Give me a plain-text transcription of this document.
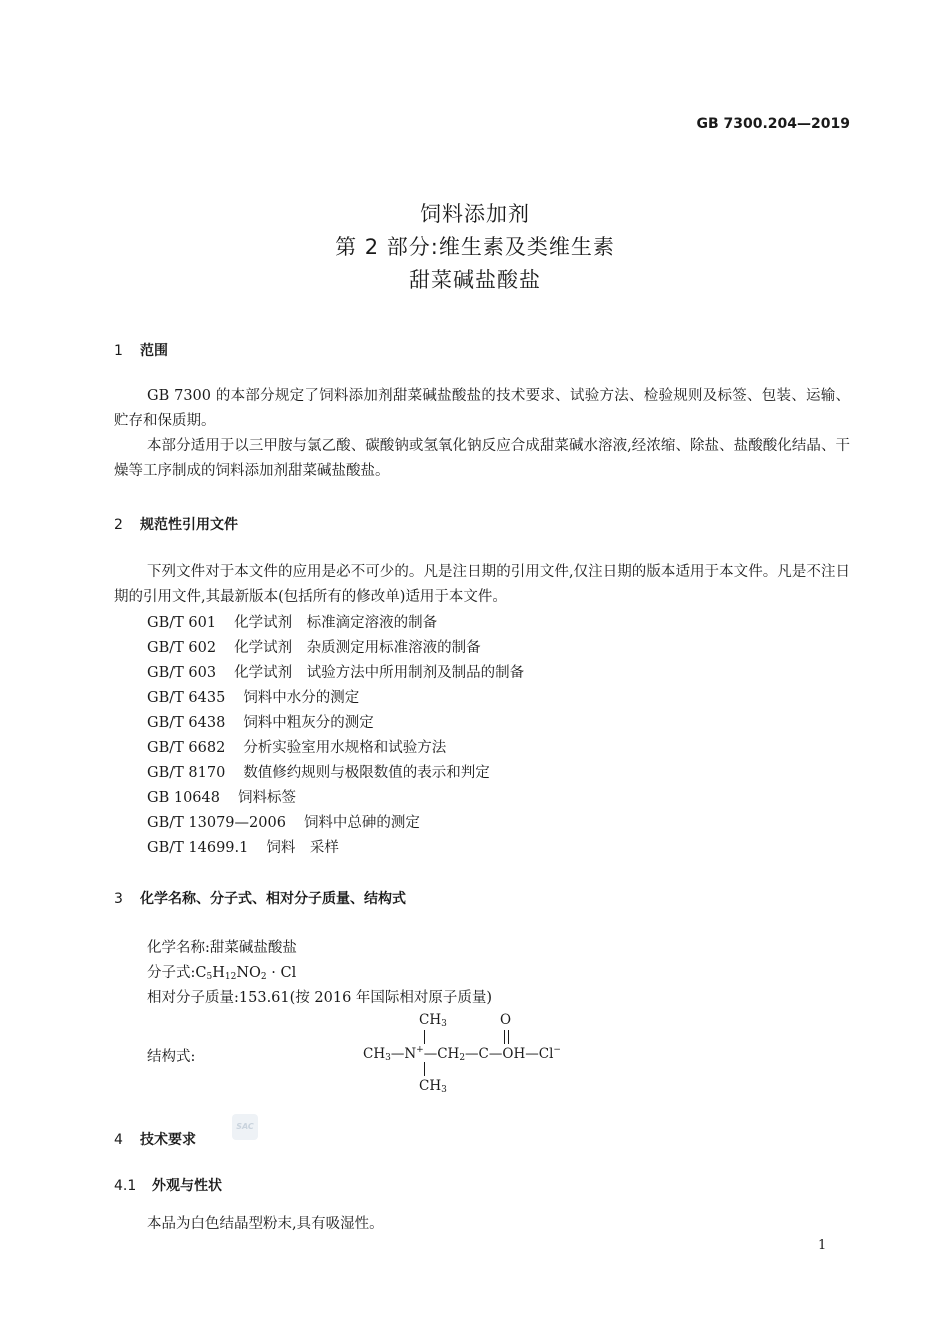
GB 7300.204—2019
饲料添加剂
第 2 部分:维生素及类维生素
甜菜碱盐酸盐
1 范围
GB 7300 的本部分规定了饲料添加剂甜菜碱盐酸盐的技术要求、试验方法、检验规则及标签、包装、运输、贮存和保质期。
本部分适用于以三甲胺与氯乙酸、碳酸钠或氢氧化钠反应合成甜菜碱水溶液,经浓缩、除盐、盐酸酸化结晶、干燥等工序制成的饲料添加剂甜菜碱盐酸盐。
2 规范性引用文件
下列文件对于本文件的应用是必不可少的。凡是注日期的引用文件,仅注日期的版本适用于本文件。凡是不注日期的引用文件,其最新版本(包括所有的修改单)适用于本文件。
GB/T 601 化学试剂　标准滴定溶液的制备
GB/T 602 化学试剂　杂质测定用标准溶液的制备
GB/T 603 化学试剂　试验方法中所用制剂及制品的制备
GB/T 6435 饲料中水分的测定
GB/T 6438 饲料中粗灰分的测定
GB/T 6682 分析实验室用水规格和试验方法
GB/T 8170 数值修约规则与极限数值的表示和判定
GB 10648 饲料标签
GB/T 13079—2006 饲料中总砷的测定
GB/T 14699.1 饲料　采样
3 化学名称、分子式、相对分子质量、结构式
化学名称:甜菜碱盐酸盐
分子式$:C_5H_{12}NO_2 \cdot Cl$
相对分子质量:153.61(按 2016 年国际相对原子质量)
结构式:
$CH_3$	O
$CH_3—N^+—CH_2—C—OH—Cl^-$
$CH_3$
SAC
4 技术要求
4.1 外观与性状
本品为白色结晶型粉末,具有吸湿性。
1
